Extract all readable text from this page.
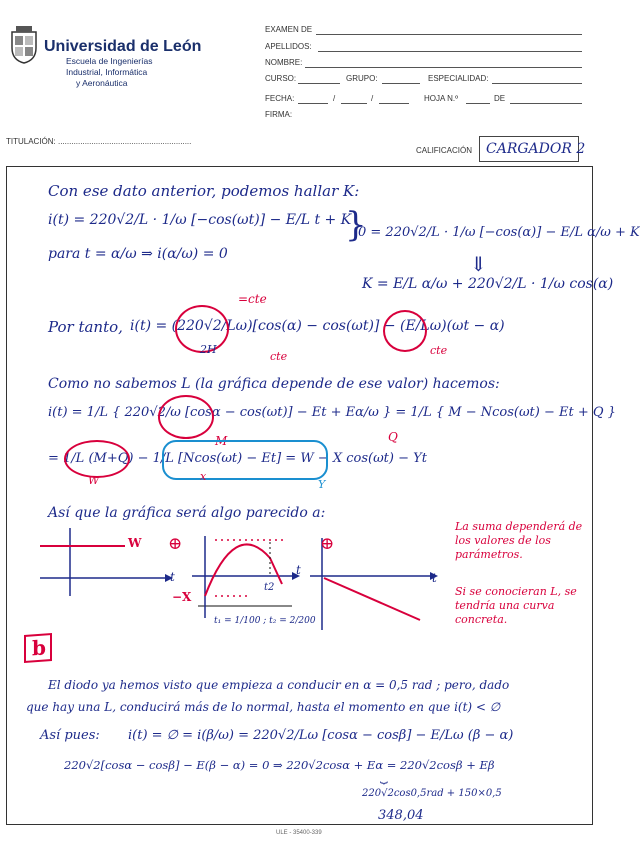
Universidad de León
Escuela de Ingenierías
Industrial, Informática
y Aeronáutica
EXAMEN DE
APELLIDOS:
NOMBRE:
CURSO:	GRUPO:	ESPECIALIDAD:
FECHA:	/	/	HOJA N.º	DE
FIRMA:
TITULACIÓN: ............................................................
CALIFICACIÓN CARGADOR 2
Con ese dato anterior, podemos hallar K:
i(t) = 220√2/L · 1/ω [−cos(ωt)] − E/L t + K
}
0 = 220√2/L · 1/ω [−cos(α)] − E/L α/ω + K
para t = α/ω ⇒ i(α/ω) = 0	⇓
K = E/L α/ω + 220√2/L · 1/ω cos(α)
=cte
Por tanto, i(t) = (220√2/Lω)[cos(α) − cos(ωt)] − (E/Lω)(ωt − α)
2H
cte	cte
Como no sabemos L (la gráfica depende de ese valor) hacemos:
i(t) = 1/L { 220√2/ω [cosα − cos(ωt)] − Et + Eα/ω } = 1/L { M − Ncos(ωt) − Et + Q }
M	Q
= 1/L (M+Q) − 1/L [Ncos(ωt) − Et] = W − X cos(ωt) − Yt
W	x
Y
Así que la gráfica será algo parecido a:
W
t
⊕
−X
t2
t
⊕
t
t₁ = 1/100 ; t₂ = 2/200
La suma dependerá de los valores de los parámetros.
Si se conocieran L, se tendría una curva concreta.
b
El diodo ya hemos visto que empieza a conducir en α = 0,5 rad ; pero, dado
que hay una L, conducirá más de lo normal, hasta el momento en que i(t) < ∅
Así pues: i(t) = ∅ = i(β/ω) = 220√2/Lω [cosα − cosβ] − E/Lω (β − α)
220√2[cosα − cosβ] − E(β − α) = 0 ⇒ 220√2cosα + Eα = 220√2cosβ + Eβ
⏟
220√2cos0,5rad + 150×0,5
348,04
ULE - 35400-339
